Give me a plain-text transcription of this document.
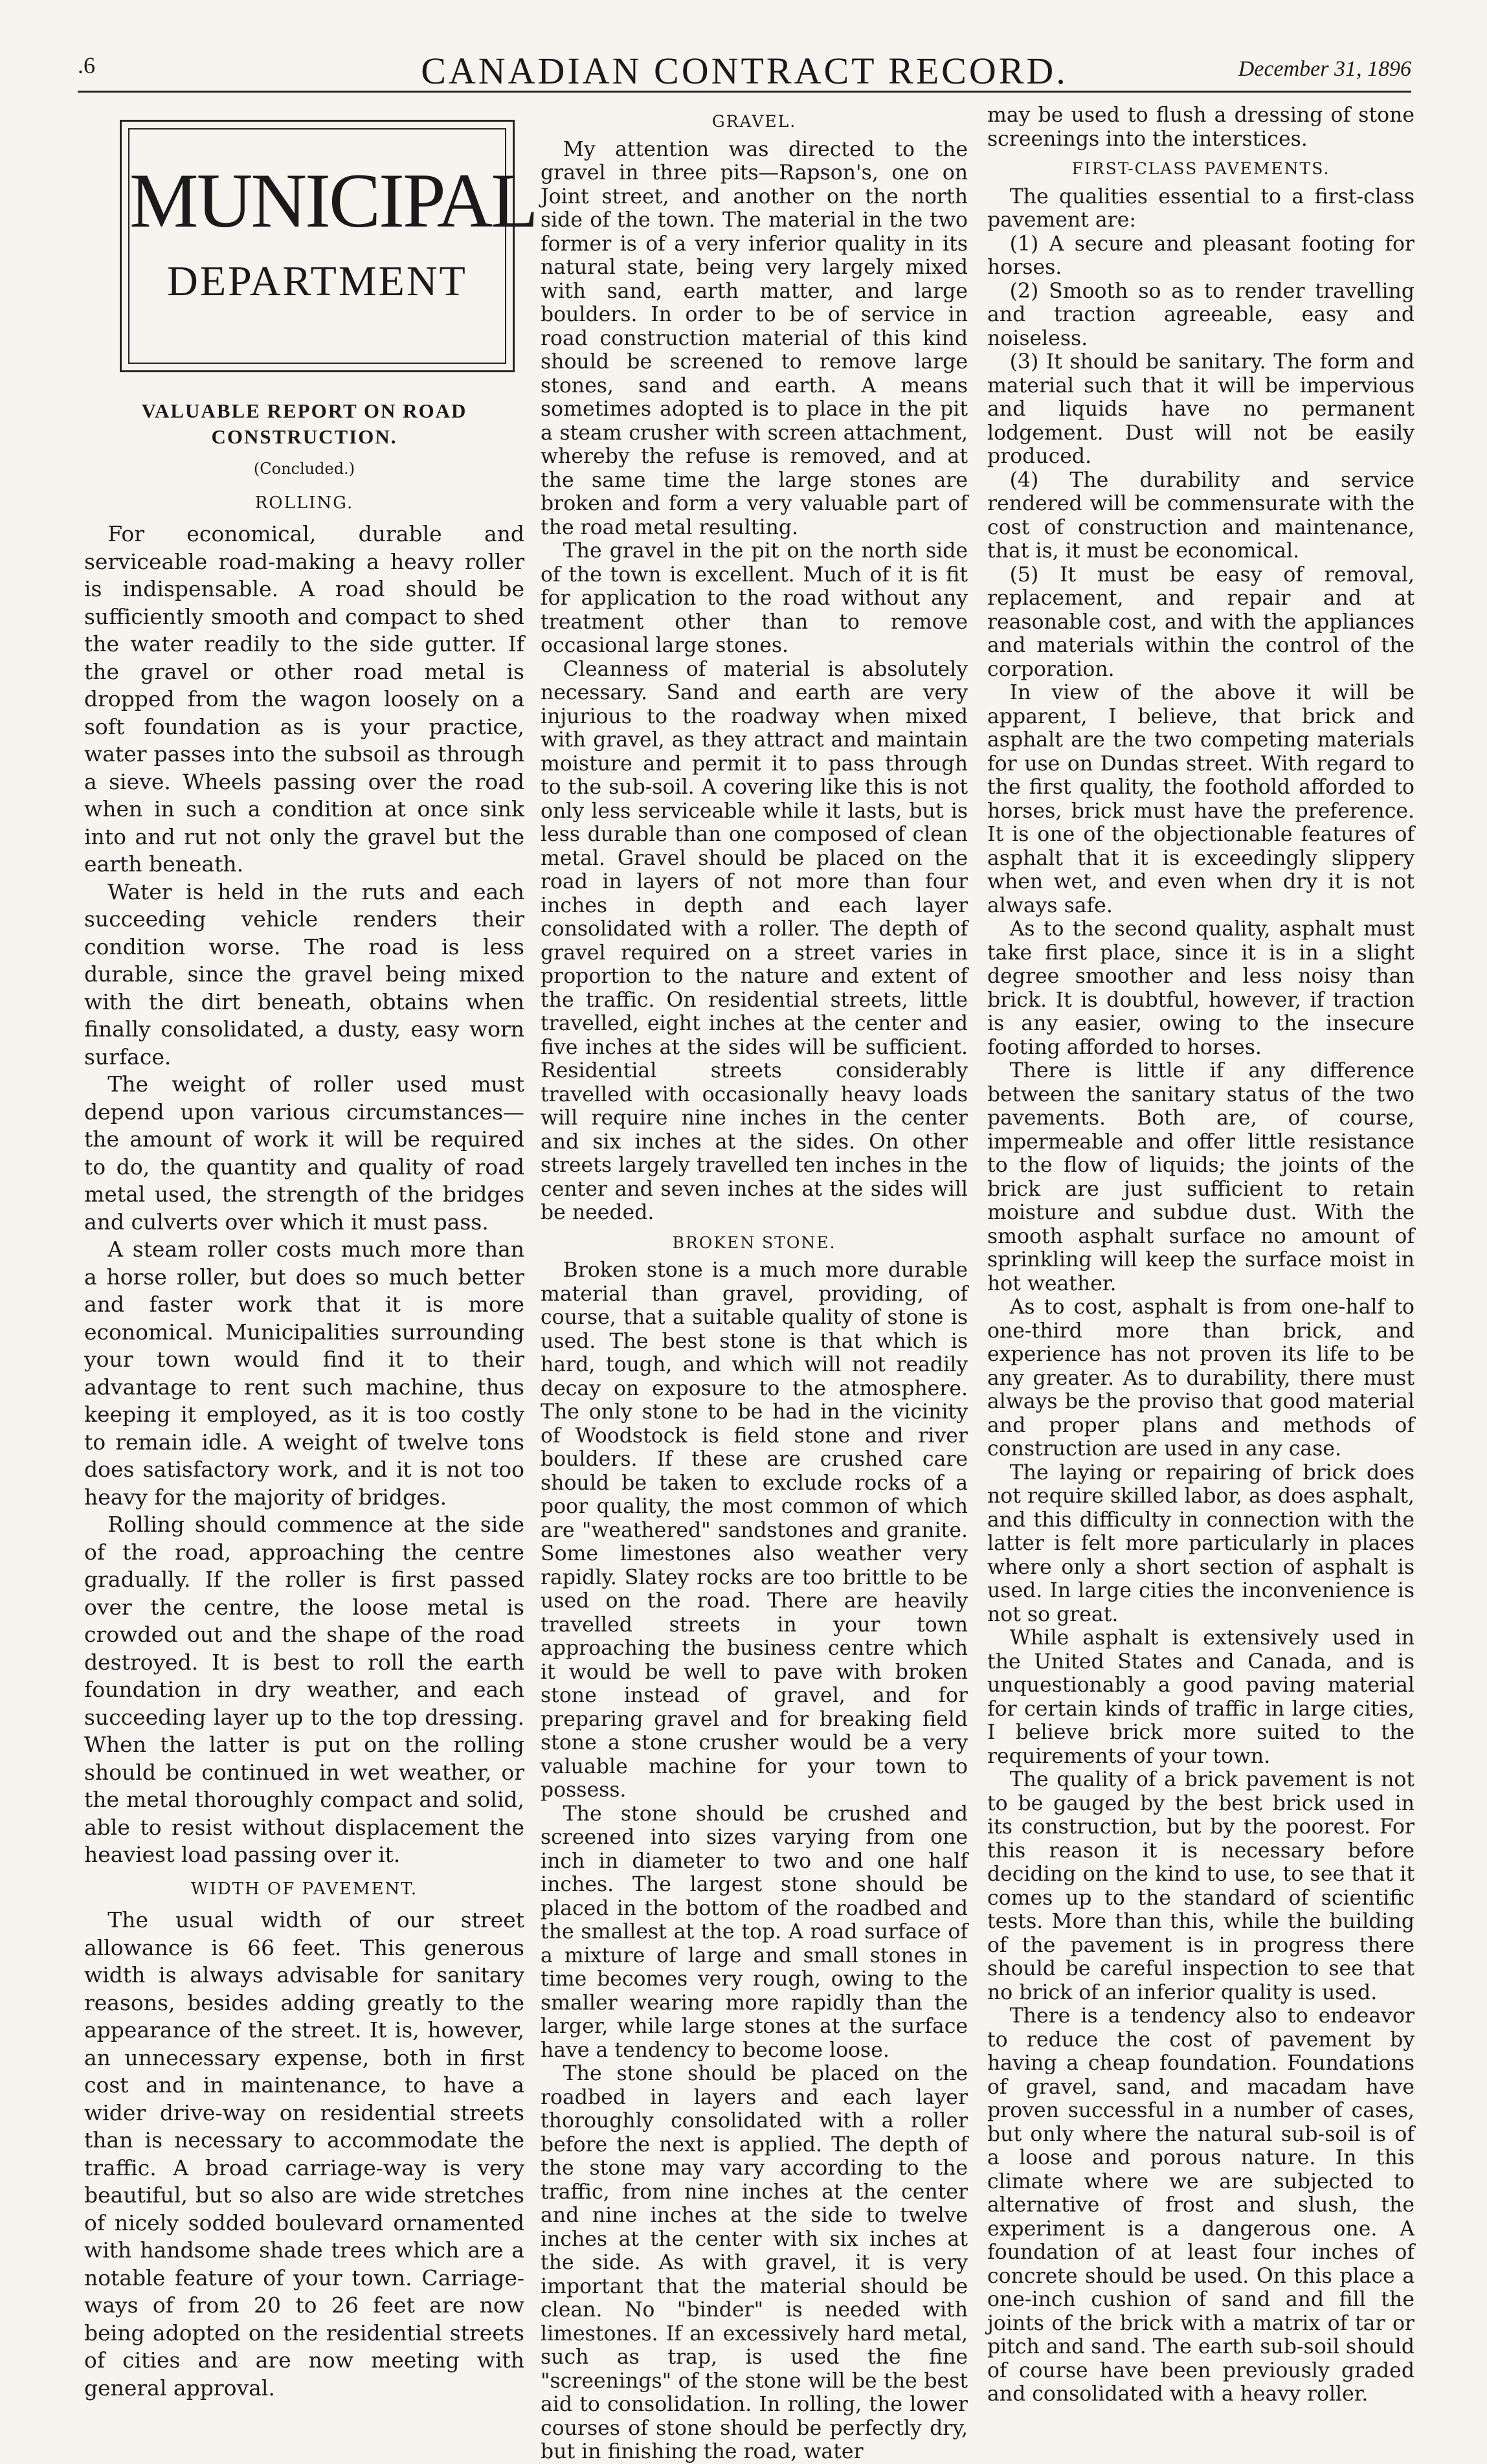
.6	CANADIAN CONTRACT RECORD.	December 31, 1896
MUNICIPAL
DEPARTMENT
VALUABLE REPORT ON ROAD CONSTRUCTION.
(Concluded.)
ROLLING.

For economical, durable and serviceable road-making a heavy roller is indispensable. A road should be sufficiently smooth and compact to shed the water readily to the side gutter. If the gravel or other road metal is dropped from the wagon loosely on a soft foundation as is your practice, water passes into the subsoil as through a sieve. Wheels passing over the road when in such a condition at once sink into and rut not only the gravel but the earth beneath.

Water is held in the ruts and each succeeding vehicle renders their condition worse. The road is less durable, since the gravel being mixed with the dirt beneath, obtains when finally consolidated, a dusty, easy worn surface.

The weight of roller used must depend upon various circumstances—the amount of work it will be required to do, the quantity and quality of road metal used, the strength of the bridges and culverts over which it must pass.

A steam roller costs much more than a horse roller, but does so much better and faster work that it is more economical. Municipalities surrounding your town would find it to their advantage to rent such machine, thus keeping it employed, as it is too costly to remain idle. A weight of twelve tons does satisfactory work, and it is not too heavy for the majority of bridges.

Rolling should commence at the side of the road, approaching the centre gradually. If the roller is first passed over the centre, the loose metal is crowded out and the shape of the road destroyed. It is best to roll the earth foundation in dry weather, and each succeeding layer up to the top dressing. When the latter is put on the rolling should be continued in wet weather, or the metal thoroughly compact and solid, able to resist without displacement the heaviest load passing over it.

WIDTH OF PAVEMENT.

The usual width of our street allowance is 66 feet. This generous width is always advisable for sanitary reasons, besides adding greatly to the appearance of the street. It is, however, an unnecessary expense, both in first cost and in maintenance, to have a wider drive-way on residential streets than is necessary to accommodate the traffic. A broad carriage-way is very beautiful, but so also are wide stretches of nicely sodded boulevard ornamented with handsome shade trees which are a notable feature of your town. Carriage-ways of from 20 to 26 feet are now being adopted on the residential streets of cities and are now meeting with general approval.

GRAVEL.

My attention was directed to the gravel in three pits—Rapson's, one on Joint street, and another on the north side of the town. The material in the two former is of a very inferior quality in its natural state, being very largely mixed with sand, earth matter, and large boulders. In order to be of service in road construction material of this kind should be screened to remove large stones, sand and earth. A means sometimes adopted is to place in the pit a steam crusher with screen attachment, whereby the refuse is removed, and at the same time the large stones are broken and form a very valuable part of the road metal resulting.

The gravel in the pit on the north side of the town is excellent. Much of it is fit for application to the road without any treatment other than to remove occasional large stones.

Cleanness of material is absolutely necessary. Sand and earth are very injurious to the roadway when mixed with gravel, as they attract and maintain moisture and permit it to pass through to the sub-soil. A covering like this is not only less serviceable while it lasts, but is less durable than one composed of clean metal. Gravel should be placed on the road in layers of not more than four inches in depth and each layer consolidated with a roller. The depth of gravel required on a street varies in proportion to the nature and extent of the traffic. On residential streets, little travelled, eight inches at the center and five inches at the sides will be sufficient. Residential streets considerably travelled with occasionally heavy loads will require nine inches in the center and six inches at the sides. On other streets largely travelled ten inches in the center and seven inches at the sides will be needed.

BROKEN STONE.

Broken stone is a much more durable material than gravel, providing, of course, that a suitable quality of stone is used. The best stone is that which is hard, tough, and which will not readily decay on exposure to the atmosphere. The only stone to be had in the vicinity of Woodstock is field stone and river boulders. If these are crushed care should be taken to exclude rocks of a poor quality, the most common of which are "weathered" sandstones and granite. Some limestones also weather very rapidly. Slatey rocks are too brittle to be used on the road. There are heavily travelled streets in your town approaching the business centre which it would be well to pave with broken stone instead of gravel, and for preparing gravel and for breaking field stone a stone crusher would be a very valuable machine for your town to possess.

The stone should be crushed and screened into sizes varying from one inch in diameter to two and one half inches. The largest stone should be placed in the bottom of the roadbed and the smallest at the top. A road surface of a mixture of large and small stones in time becomes very rough, owing to the smaller wearing more rapidly than the larger, while large stones at the surface have a tendency to become loose.

The stone should be placed on the roadbed in layers and each layer thoroughly consolidated with a roller before the next is applied. The depth of the stone may vary according to the traffic, from nine inches at the center and nine inches at the side to twelve inches at the center with six inches at the side. As with gravel, it is very important that the material should be clean. No "binder" is needed with limestones. If an excessively hard metal, such as trap, is used the fine "screenings" of the stone will be the best aid to consolidation. In rolling, the lower courses of stone should be perfectly dry, but in finishing the road, water

may be used to flush a dressing of stone screenings into the interstices.

FIRST-CLASS PAVEMENTS.

The qualities essential to a first-class pavement are:

(1) A secure and pleasant footing for horses.

(2) Smooth so as to render travelling and traction agreeable, easy and noiseless.

(3) It should be sanitary. The form and material such that it will be impervious and liquids have no permanent lodgement. Dust will not be easily produced.

(4) The durability and service rendered will be commensurate with the cost of construction and maintenance, that is, it must be economical.

(5) It must be easy of removal, replacement, and repair and at reasonable cost, and with the appliances and materials within the control of the corporation.

In view of the above it will be apparent, I believe, that brick and asphalt are the two competing materials for use on Dundas street. With regard to the first quality, the foothold afforded to horses, brick must have the preference. It is one of the objectionable features of asphalt that it is exceedingly slippery when wet, and even when dry it is not always safe.

As to the second quality, asphalt must take first place, since it is in a slight degree smoother and less noisy than brick. It is doubtful, however, if traction is any easier, owing to the insecure footing afforded to horses.

There is little if any difference between the sanitary status of the two pavements. Both are, of course, impermeable and offer little resistance to the flow of liquids; the joints of the brick are just sufficient to retain moisture and subdue dust. With the smooth asphalt surface no amount of sprinkling will keep the surface moist in hot weather.

As to cost, asphalt is from one-half to one-third more than brick, and experience has not proven its life to be any greater. As to durability, there must always be the proviso that good material and proper plans and methods of construction are used in any case.

The laying or repairing of brick does not require skilled labor, as does asphalt, and this difficulty in connection with the latter is felt more particularly in places where only a short section of asphalt is used. In large cities the inconvenience is not so great.

While asphalt is extensively used in the United States and Canada, and is unquestionably a good paving material for certain kinds of traffic in large cities, I believe brick more suited to the requirements of your town.

The quality of a brick pavement is not to be gauged by the best brick used in its construction, but by the poorest. For this reason it is necessary before deciding on the kind to use, to see that it comes up to the standard of scientific tests. More than this, while the building of the pavement is in progress there should be careful inspection to see that no brick of an inferior quality is used.

There is a tendency also to endeavor to reduce the cost of pavement by having a cheap foundation. Foundations of gravel, sand, and macadam have proven successful in a number of cases, but only where the natural sub-soil is of a loose and porous nature. In this climate where we are subjected to alternative of frost and slush, the experiment is a dangerous one. A foundation of at least four inches of concrete should be used. On this place a one-inch cushion of sand and fill the joints of the brick with a matrix of tar or pitch and sand. The earth sub-soil should of course have been previously graded and consolidated with a heavy roller.
